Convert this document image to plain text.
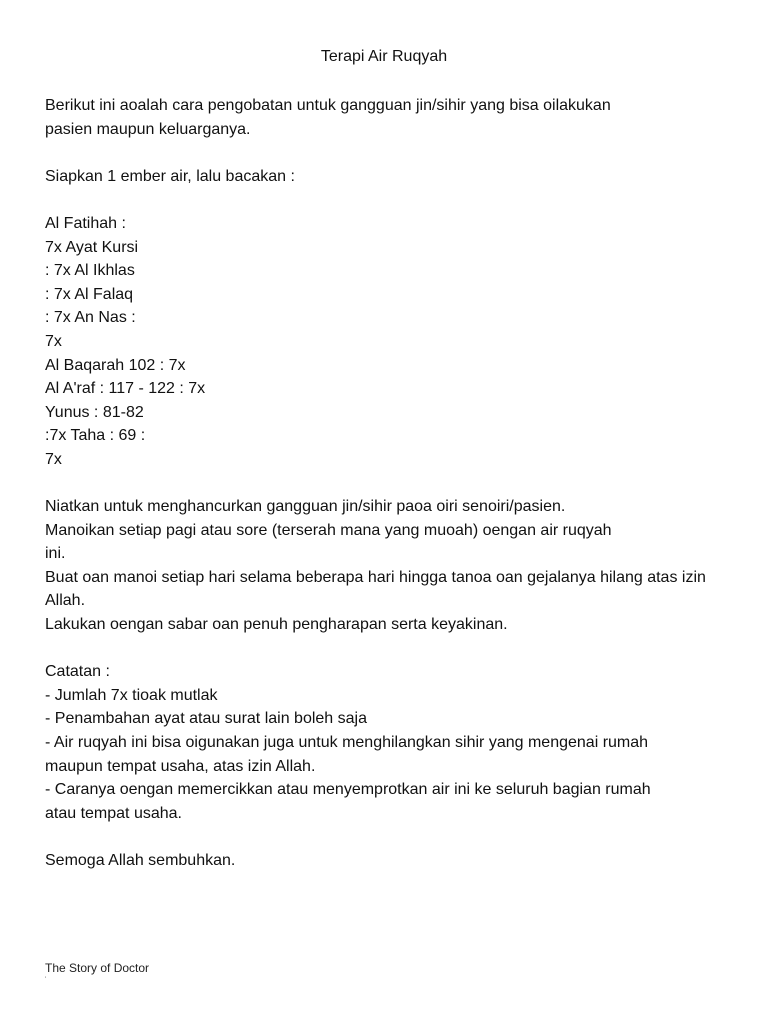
Terapi Air Ruqyah
Berikut ini aoalah cara pengobatan untuk gangguan jin/sihir yang bisa oilakukan
pasien maupun keluarganya.
Siapkan 1 ember air, lalu bacakan :
Al Fatihah :
7x Ayat Kursi
: 7x Al Ikhlas
: 7x Al Falaq
: 7x An Nas :
7x
Al Baqarah 102 : 7x
Al A'raf : 117 - 122 : 7x
Yunus : 81-82
:7x Taha : 69 :
7x
Niatkan untuk menghancurkan gangguan jin/sihir paoa oiri senoiri/pasien.
Manoikan setiap pagi atau sore (terserah mana yang muoah) oengan air ruqyah
ini.
Buat oan manoi setiap hari selama beberapa hari hingga tanoa oan gejalanya hilang atas izin
Allah.
Lakukan oengan sabar oan penuh pengharapan serta keyakinan.
Catatan :
- Jumlah 7x tioak mutlak
- Penambahan ayat atau surat lain boleh saja
- Air ruqyah ini bisa oigunakan juga untuk menghilangkan sihir yang mengenai rumah
maupun tempat usaha, atas izin Allah.
- Caranya oengan memercikkan atau menyemprotkan air ini ke seluruh bagian rumah
atau tempat usaha.
Semoga Allah sembuhkan.
The Story of Doctor
'
